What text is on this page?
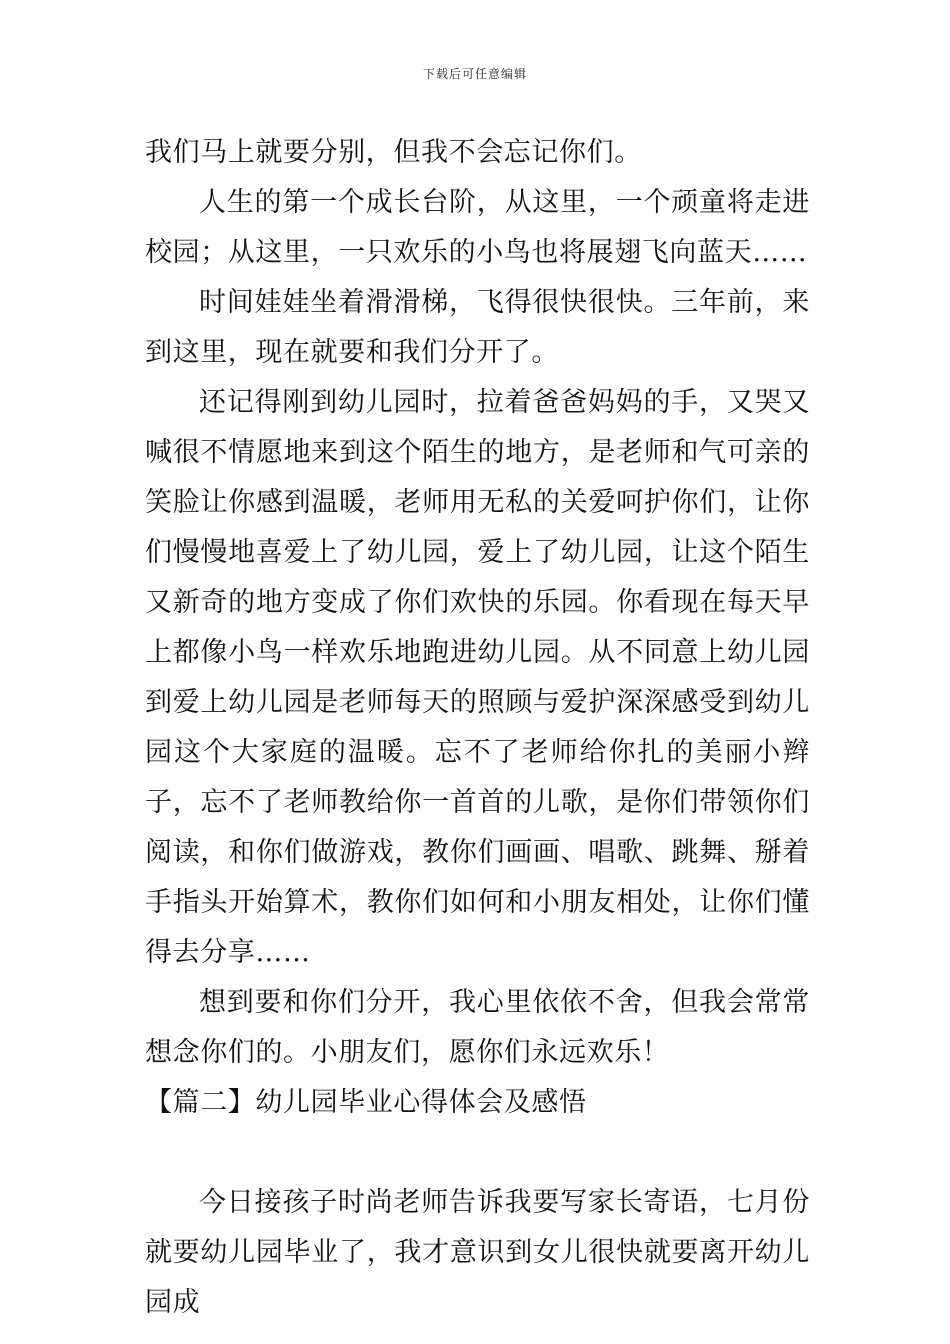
下载后可任意编辑

我们马上就要分别，但我不会忘记你们。

人生的第一个成长台阶，从这里，一个顽童将走进校园；从这里，一只欢乐的小鸟也将展翅飞向蓝天……

时间娃娃坐着滑滑梯，飞得很快很快。三年前，来到这里，现在就要和我们分开了。

还记得刚到幼儿园时，拉着爸爸妈妈的手，又哭又喊很不情愿地来到这个陌生的地方，是老师和气可亲的笑脸让你感到温暖，老师用无私的关爱呵护你们，让你们慢慢地喜爱上了幼儿园，爱上了幼儿园，让这个陌生又新奇的地方变成了你们欢快的乐园。你看现在每天早上都像小鸟一样欢乐地跑进幼儿园。从不同意上幼儿园到爱上幼儿园是老师每天的照顾与爱护深深感受到幼儿园这个大家庭的温暖。忘不了老师给你扎的美丽小辫子，忘不了老师教给你一首首的儿歌，是你们带领你们阅读，和你们做游戏，教你们画画、唱歌、跳舞、掰着手指头开始算术，教你们如何和小朋友相处，让你们懂得去分享……

想到要和你们分开，我心里依依不舍，但我会常常想念你们的。小朋友们，愿你们永远欢乐！

【篇二】幼儿园毕业心得体会及感悟

今日接孩子时尚老师告诉我要写家长寄语，七月份就要幼儿园毕业了，我才意识到女儿很快就要离开幼儿园成
